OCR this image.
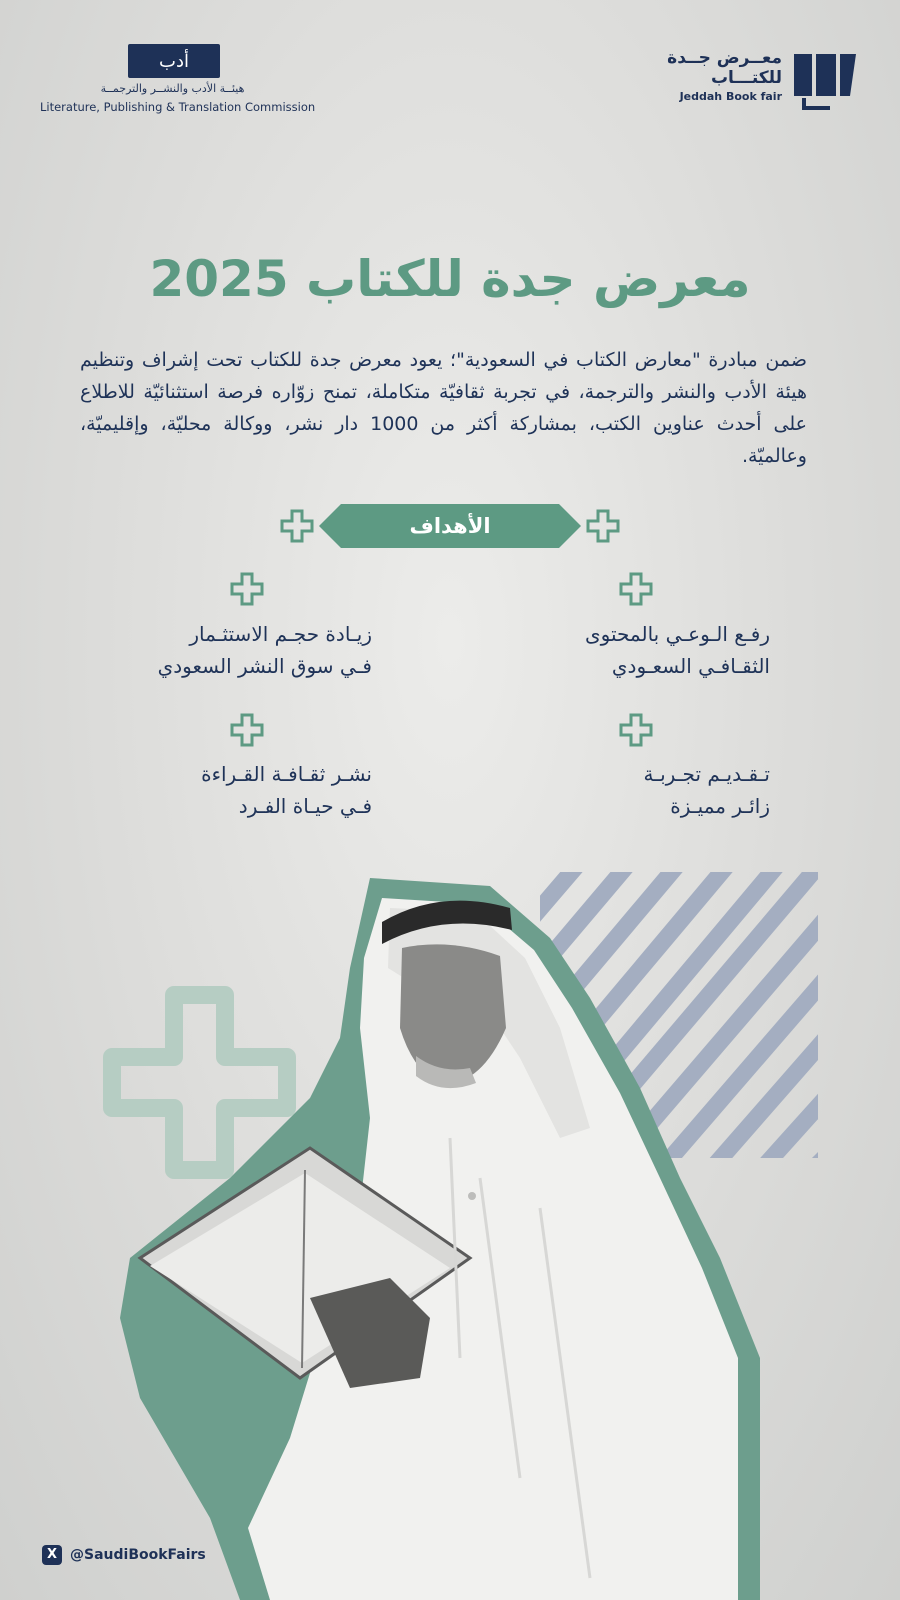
أدب
هيئــة الأدب والنشــر والترجمــة
Literature, Publishing & Translation Commission
معــرض جــدة
للكتـــاب
Jeddah Book fair
معرض جدة للكتاب 2025
ضمن مبادرة "معارض الكتاب في السعودية"؛ يعود معرض جدة للكتاب تحت إشراف وتنظيم هيئة الأدب والنشر والترجمة، في تجربة ثقافيّة متكاملة، تمنح زوّاره فرصة استثنائيّة للاطلاع على أحدث عناوين الكتب، بمشاركة أكثر من 1000 دار نشر، ووكالة محليّة، وإقليميّة، وعالميّة.
الأهداف
رفـع الـوعـي بالمحتوى
الثقـافـي السعـودي
زيـادة حجـم الاستثـمار
فـي سوق النشر السعودي
تـقـديـم تجـربـة
زائـر مميـزة
نشـر ثقـافـة القـراءة
فـي حيـاة الفـرد
X @SaudiBookFairs
